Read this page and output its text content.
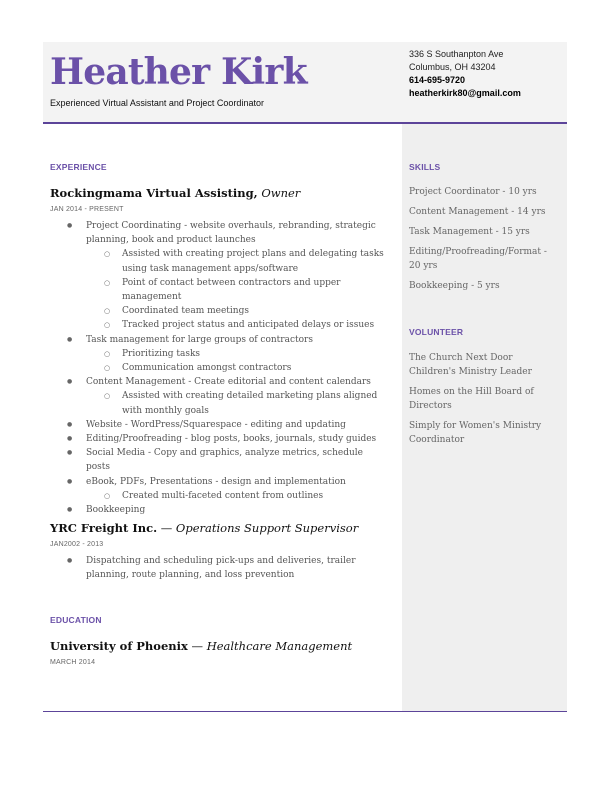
Heather Kirk
Experienced Virtual Assistant and Project Coordinator
336 S Southanpton Ave
Columbus, OH 43204
614-695-9720
heatherkirk80@gmail.com
EXPERIENCE
Rockingmama Virtual Assisting, Owner
JAN 2014 - PRESENT
● Project Coordinating - website overhauls, rebranding, strategic planning, book and product launches
○ Assisted with creating project plans and delegating tasks using task management apps/software
○ Point of contact between contractors and upper management
○ Coordinated team meetings
○ Tracked project status and anticipated delays or issues
● Task management for large groups of contractors
○ Prioritizing tasks
○ Communication amongst contractors
● Content Management - Create editorial and content calendars
○ Assisted with creating detailed marketing plans aligned with monthly goals
● Website - WordPress/Squarespace - editing and updating
● Editing/Proofreading - blog posts, books, journals, study guides
● Social Media - Copy and graphics, analyze metrics, schedule posts
● eBook, PDFs, Presentations - design and implementation
○ Created multi-faceted content from outlines
● Bookkeeping
YRC Freight Inc. — Operations Support Supervisor
JAN2002 - 2013
● Dispatching and scheduling pick-ups and deliveries, trailer planning, route planning, and loss prevention
EDUCATION
University of Phoenix — Healthcare Management
MARCH 2014
SKILLS
Project Coordinator - 10 yrs
Content Management - 14 yrs
Task Management - 15 yrs
Editing/Proofreading/Format - 20 yrs
Bookkeeping - 5 yrs
VOLUNTEER
The Church Next Door Children's Ministry Leader
Homes on the Hill Board of Directors
Simply for Women's Ministry Coordinator
